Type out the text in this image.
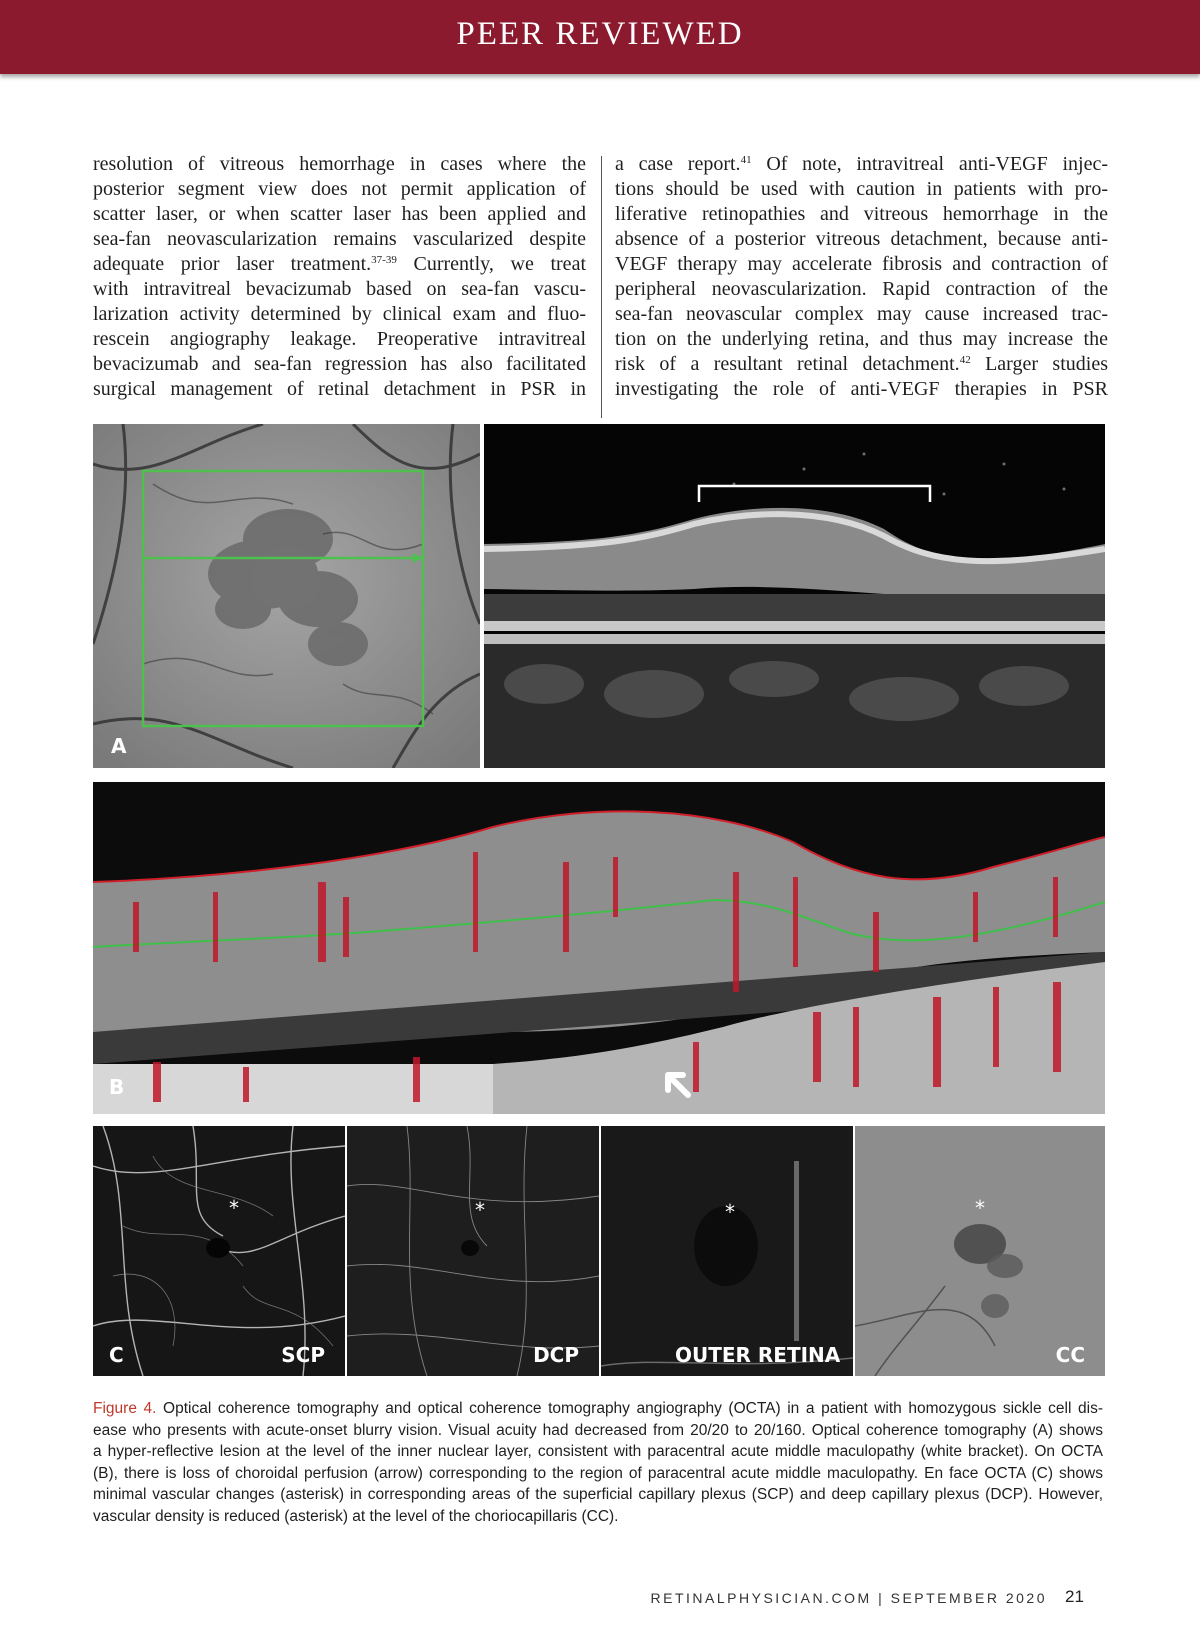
PEER REVIEWED
resolution of vitreous hemorrhage in cases where the
posterior segment view does not permit application of
scatter laser, or when scatter laser has been applied and
sea-fan neovascularization remains vascularized despite
adequate prior laser treatment.$^{37-39}$ Currently, we treat
with intravitreal bevacizumab based on sea-fan vascu-
larization activity determined by clinical exam and fluo-
rescein angiography leakage. Preoperative intravitreal
bevacizumab and sea-fan regression has also facilitated
surgical management of retinal detachment in PSR in
a case report.$^{41}$ Of note, intravitreal anti-VEGF injec-
tions should be used with caution in patients with pro-
liferative retinopathies and vitreous hemorrhage in the
absence of a posterior vitreous detachment, because anti-
VEGF therapy may accelerate fibrosis and contraction of
peripheral neovascularization. Rapid contraction of the
sea-fan neovascular complex may cause increased trac-
tion on the underlying retina, and thus may increase the
risk of a resultant retinal detachment.$^{42}$ Larger studies
investigating the role of anti-VEGF therapies in PSR
A
B
*
C	SCP
*
DCP
*
OUTER RETINA
*
CC
Figure 4. Optical coherence tomography and optical coherence tomography angiography (OCTA) in a patient with homozygous sickle cell dis-
ease who presents with acute-onset blurry vision. Visual acuity had decreased from 20/20 to 20/160. Optical coherence tomography (A) shows
a hyper-reflective lesion at the level of the inner nuclear layer, consistent with paracentral acute middle maculopathy (white bracket). On OCTA
(B), there is loss of choroidal perfusion (arrow) corresponding to the region of paracentral acute middle maculopathy. En face OCTA (C) shows
minimal vascular changes (asterisk) in corresponding areas of the superficial capillary plexus (SCP) and deep capillary plexus (DCP). However,
vascular density is reduced (asterisk) at the level of the choriocapillaris (CC).
RETINALPHYSICIAN.COM | SEPTEMBER 2020 21
